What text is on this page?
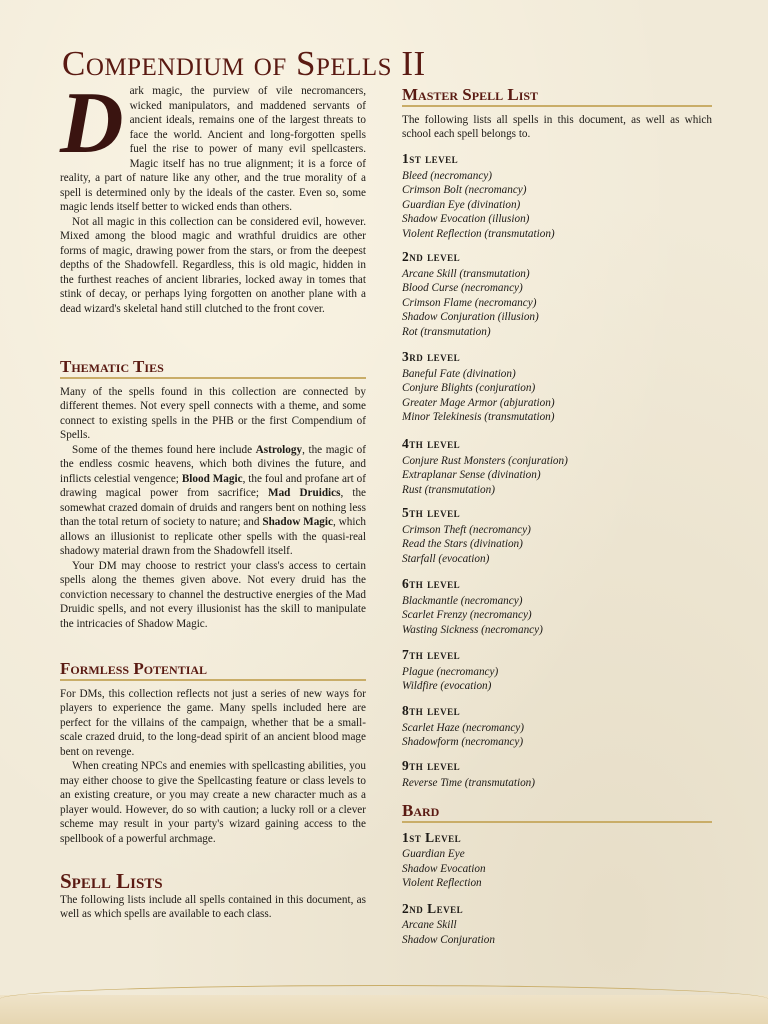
Compendium of Spells II

Dark magic, the purview of vile necromancers, wicked manipulators, and maddened servants of ancient ideals, remains one of the largest threats to face the world. Ancient and long-forgotten spells fuel the rise to power of many evil spellcasters. Magic itself has no true alignment; it is a force of reality, a part of nature like any other, and the true morality of a spell is determined only by the ideals of the caster. Even so, some magic lends itself better to wicked ends than others.

Not all magic in this collection can be considered evil, however. Mixed among the blood magic and wrathful druidics are other forms of magic, drawing power from the stars, or from the deepest depths of the Shadowfell. Regardless, this is old magic, hidden in the furthest reaches of ancient libraries, locked away in tomes that stink of decay, or perhaps lying forgotten on another plane with a dead wizard's skeletal hand still clutched to the front cover.

Thematic Ties

Many of the spells found in this collection are connected by different themes. Not every spell connects with a theme, and some connect to existing spells in the PHB or the first Compendium of Spells.

Some of the themes found here include Astrology, the magic of the endless cosmic heavens, which both divines the future, and inflicts celestial vengence; Blood Magic, the foul and profane art of drawing magical power from sacrifice; Mad Druidics, the somewhat crazed domain of druids and rangers bent on nothing less than the total return of society to nature; and Shadow Magic, which allows an illusionist to replicate other spells with the quasi-real shadowy material drawn from the Shadowfell itself.

Your DM may choose to restrict your class's access to certain spells along the themes given above. Not every druid has the conviction necessary to channel the destructive energies of the Mad Druidic spells, and not every illusionist has the skill to manipulate the intricacies of Shadow Magic.

Formless Potential

For DMs, this collection reflects not just a series of new ways for players to experience the game. Many spells included here are perfect for the villains of the campaign, whether that be a small-scale crazed druid, to the long-dead spirit of an ancient blood mage bent on revenge.

When creating NPCs and enemies with spellcasting abilities, you may either choose to give the Spellcasting feature or class levels to an existing creature, or you may create a new character much as a player would. However, do so with caution; a lucky roll or a clever scheme may result in your party's wizard gaining access to the spellbook of a powerful archmage.

Spell Lists

The following lists include all spells contained in this document, as well as which spells are available to each class.

Master Spell List

The following lists all spells in this document, as well as which school each spell belongs to.

1st level
Bleed (necromancy)
Crimson Bolt (necromancy)
Guardian Eye (divination)
Shadow Evocation (illusion)
Violent Reflection (transmutation)
2nd level
Arcane Skill (transmutation)
Blood Curse (necromancy)
Crimson Flame (necromancy)
Shadow Conjuration (illusion)
Rot (transmutation)
3rd level
Baneful Fate (divination)
Conjure Blights (conjuration)
Greater Mage Armor (abjuration)
Minor Telekinesis (transmutation)
4th level
Conjure Rust Monsters (conjuration)
Extraplanar Sense (divination)
Rust (transmutation)
5th level
Crimson Theft (necromancy)
Read the Stars (divination)
Starfall (evocation)
6th level
Blackmantle (necromancy)
Scarlet Frenzy (necromancy)
Wasting Sickness (necromancy)
7th level
Plague (necromancy)
Wildfire (evocation)
8th level
Scarlet Haze (necromancy)
Shadowform (necromancy)
9th level
Reverse Time (transmutation)
Bard
1st Level
Guardian Eye
Shadow Evocation
Violent Reflection
2nd Level
Arcane Skill
Shadow Conjuration
